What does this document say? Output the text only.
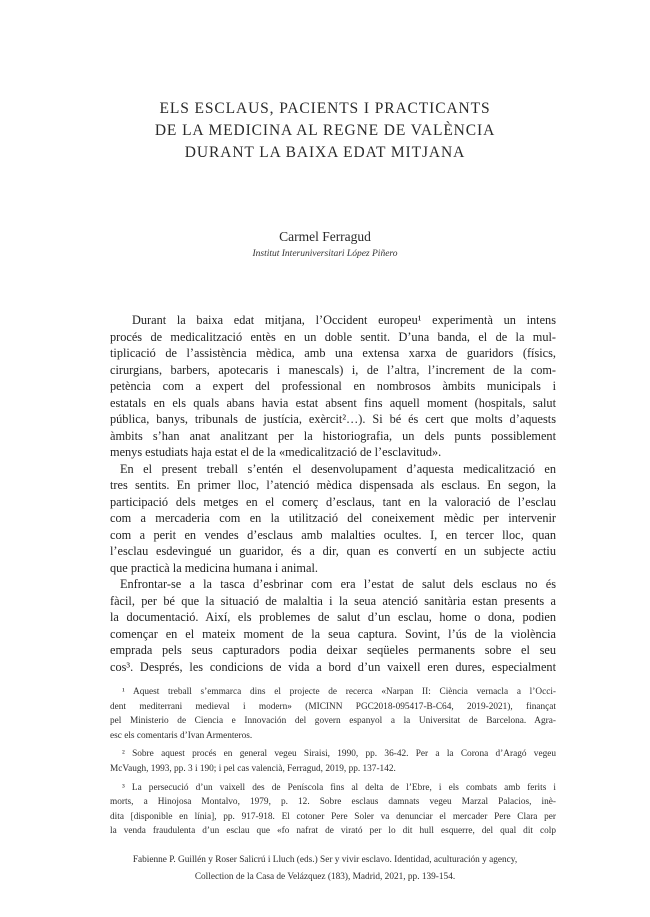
ELS ESCLAUS, PACIENTS I PRACTICANTS
DE LA MEDICINA AL REGNE DE VALÈNCIA
DURANT LA BAIXA EDAT MITJANA
Carmel Ferragud
Institut Interuniversitari López Piñero
Durant la baixa edat mitjana, l’Occident europeu¹ experimentà un intens
procés de medicalització entès en un doble sentit. D’una banda, el de la mul-
tiplicació de l’assistència mèdica, amb una extensa xarxa de guaridors (físics,
cirurgians, barbers, apotecaris i manescals) i, de l’altra, l’increment de la com-
petència com a expert del professional en nombrosos àmbits municipals i
estatals en els quals abans havia estat absent fins aquell moment (hospitals, salut
pública, banys, tribunals de justícia, exèrcit²…). Si bé és cert que molts d’aquests
àmbits s’han anat analitzant per la historiografia, un dels punts possiblement
menys estudiats haja estat el de la «medicalització de l’esclavitud».
En el present treball s’entén el desenvolupament d’aquesta medicalització en
tres sentits. En primer lloc, l’atenció mèdica dispensada als esclaus. En segon, la
participació dels metges en el comerç d’esclaus, tant en la valoració de l’esclau
com a mercaderia com en la utilització del coneixement mèdic per intervenir
com a perit en vendes d’esclaus amb malalties ocultes. I, en tercer lloc, quan
l’esclau esdevingué un guaridor, és a dir, quan es convertí en un subjecte actiu
que practicà la medicina humana i animal.
Enfrontar-se a la tasca d’esbrinar com era l’estat de salut dels esclaus no és
fàcil, per bé que la situació de malaltia i la seua atenció sanitària estan presents a
la documentació. Així, els problemes de salut d’un esclau, home o dona, podien
començar en el mateix moment de la seua captura. Sovint, l’ús de la violència
emprada pels seus capturadors podia deixar seqüeles permanents sobre el seu
cos³. Després, les condicions de vida a bord d’un vaixell eren dures, especialment
¹ Aquest treball s’emmarca dins el projecte de recerca «Narpan II: Ciència vernacla a l’Occi-
dent mediterrani medieval i modern» (MICINN PGC2018-095417-B-C64, 2019-2021), finançat
pel Ministerio de Ciencia e Innovación del govern espanyol a la Universitat de Barcelona. Agra-
esc els comentaris d’Ivan Armenteros.
² Sobre aquest procés en general vegeu Siraisi, 1990, pp. 36-42. Per a la Corona d’Aragó vegeu
McVaugh, 1993, pp. 3 i 190; i pel cas valencià, Ferragud, 2019, pp. 137-142.
³ La persecució d’un vaixell des de Peníscola fins al delta de l’Ebre, i els combats amb ferits i
morts, a Hinojosa Montalvo, 1979, p. 12. Sobre esclaus damnats vegeu Marzal Palacios, inè-
dita [disponible en línia], pp. 917-918. El cotoner Pere Soler va denunciar el mercader Pere Clara per
la venda fraudulenta d’un esclau que «fo nafrat de virató per lo dit hull esquerre, del qual dit colp
Fabienne P. Guillén y Roser Salicrú i Lluch (eds.) Ser y vivir esclavo. Identidad, aculturación y agency,
Collection de la Casa de Velázquez (183), Madrid, 2021, pp. 139-154.
